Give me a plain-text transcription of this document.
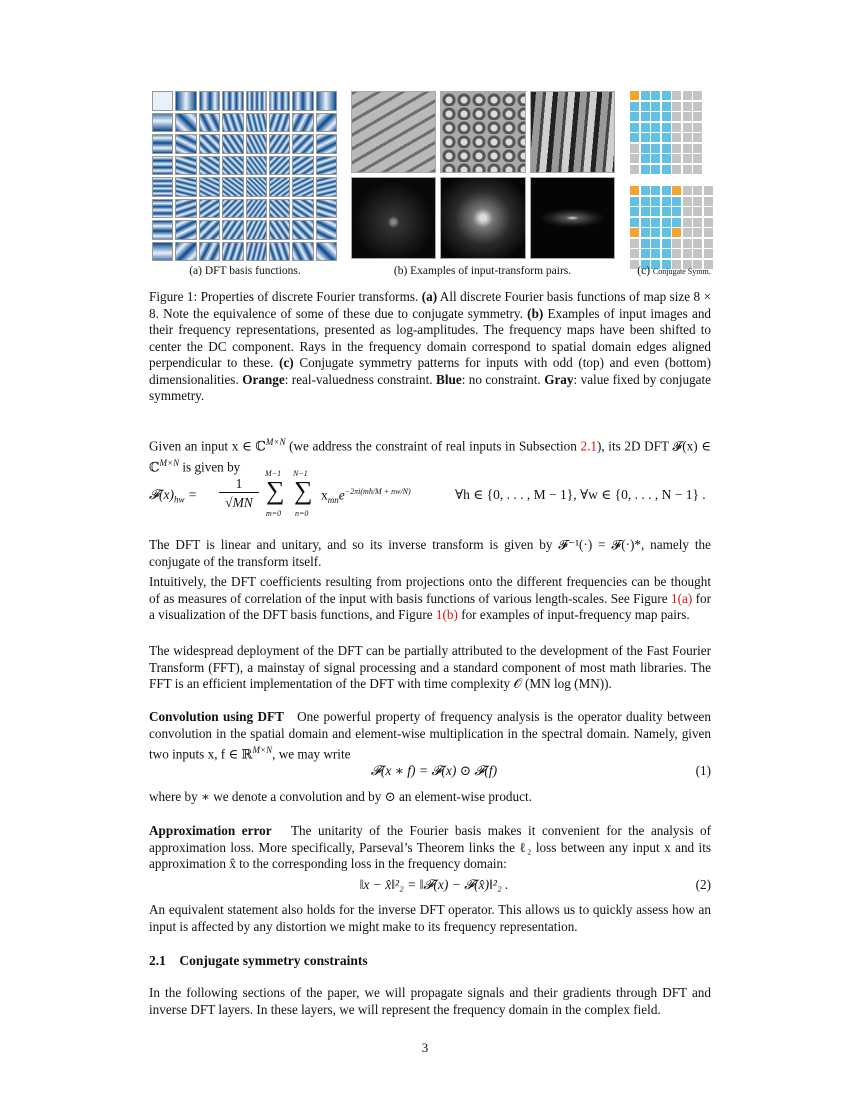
(a) DFT basis functions.	(b) Examples of input-transform pairs.	(c) Conjugate Symm.

Figure 1: Properties of discrete Fourier transforms. (a) All discrete Fourier basis functions of map size 8 × 8. Note the equivalence of some of these due to conjugate symmetry. (b) Examples of input images and their frequency representations, presented as log-amplitudes. The frequency maps have been shifted to center the DC component. Rays in the frequency domain correspond to spatial domain edges aligned perpendicular to these. (c) Conjugate symmetry patterns for inputs with odd (top) and even (bottom) dimensionalities. Orange: real-valuedness constraint. Blue: no constraint. Gray: value fixed by conjugate symmetry.

Given an input x ∈ ℂ$^{M\times N}$ (we address the constraint of real inputs in Subsection 2.1), its 2D DFT 𝓕(x) ∈ ℂ$^{M\times N}$ is given by

$𝓕(x)_{hw}$ =
1
√MN
M−1
∑
m=0
N−1
∑
n=0
$x_{mn}e^{-2\pi i(mh/M + nw/N)}$	∀h ∈ {0, . . . , M − 1}, ∀w ∈ {0, . . . , N − 1} .

The DFT is linear and unitary, and so its inverse transform is given by 𝓕⁻¹(·) = 𝓕(·)*, namely the conjugate of the transform itself.

Intuitively, the DFT coefficients resulting from projections onto the different frequencies can be thought of as measures of correlation of the input with basis functions of various length-scales. See Figure 1(a) for a visualization of the DFT basis functions, and Figure 1(b) for examples of input-frequency map pairs.

The widespread deployment of the DFT can be partially attributed to the development of the Fast Fourier Transform (FFT), a mainstay of signal processing and a standard component of most math libraries. The FFT is an efficient implementation of the DFT with time complexity 𝒪 (MN log (MN)).

Convolution using DFT One powerful property of frequency analysis is the operator duality between convolution in the spatial domain and element-wise multiplication in the spectral domain. Namely, given two inputs x, f ∈ ℝ$^{M\times N}$, we may write

𝓕(x ∗ f) = 𝓕(x) ⊙ 𝓕(f)	(1)

where by ∗ we denote a convolution and by ⊙ an element-wise product.

Approximation error The unitarity of the Fourier basis makes it convenient for the analysis of approximation loss. More specifically, Parseval’s Theorem links the ℓ₂ loss between any input x and its approximation x̂ to the corresponding loss in the frequency domain:

‖x − x̂‖²₂ = ‖𝓕(x) − 𝓕(x̂)‖²₂ .	(2)

An equivalent statement also holds for the inverse DFT operator. This allows us to quickly assess how an input is affected by any distortion we might make to its frequency representation.

2.1 Conjugate symmetry constraints

In the following sections of the paper, we will propagate signals and their gradients through DFT and inverse DFT layers. In these layers, we will represent the frequency domain in the complex field.

3
